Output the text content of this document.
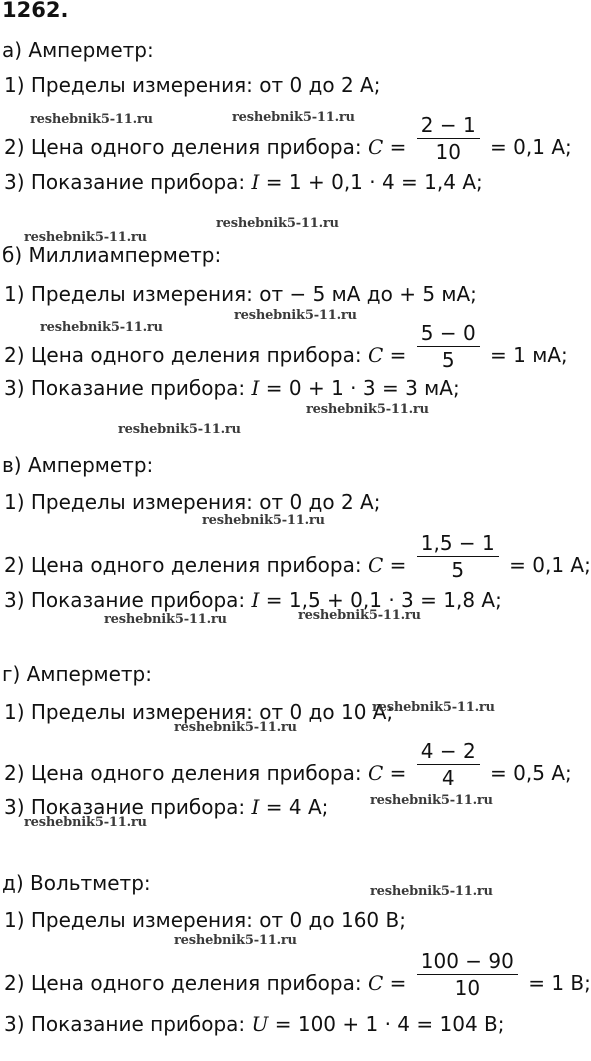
1262.
а) Амперметр:
1) Пределы измерения: от 0 до 2 A;
2) Цена одного деления прибора: $C = \frac{2 - 1}{10} = 0,1$ A;
3) Показание прибора: I = 1 + 0,1 · 4 = 1,4 A;
б) Миллиамперметр:
1) Пределы измерения: от − 5 мА до + 5 мА;
2) Цена одного деления прибора: $C = \frac{5 - 0}{5} = 1$ мА;
3) Показание прибора: I = 0 + 1 · 3 = 3 мА;
в) Амперметр:
1) Пределы измерения: от 0 до 2 A;
2) Цена одного деления прибора: $C = \frac{1,5 - 1}{5} = 0,1$ A;
3) Показание прибора: I = 1,5 + 0,1 · 3 = 1,8 A;
г) Амперметр:
1) Пределы измерения: от 0 до 10 A;
2) Цена одного деления прибора: $C = \frac{4 - 2}{4} = 0,5$ A;
3) Показание прибора: I = 4 A;
д) Вольтметр:
1) Пределы измерения: от 0 до 160 B;
2) Цена одного деления прибора: $C = \frac{100 - 90}{10} = 1$ B;
3) Показание прибора: U = 100 + 1 · 4 = 104 B;
reshebnik5-11.ru	reshebnik5-11.ru
reshebnik5-11.ru
reshebnik5-11.ru
reshebnik5-11.ru
reshebnik5-11.ru
reshebnik5-11.ru
reshebnik5-11.ru
reshebnik5-11.ru
reshebnik5-11.ru	reshebnik5-11.ru
reshebnik5-11.ru
reshebnik5-11.ru
reshebnik5-11.ru
reshebnik5-11.ru
reshebnik5-11.ru
reshebnik5-11.ru
